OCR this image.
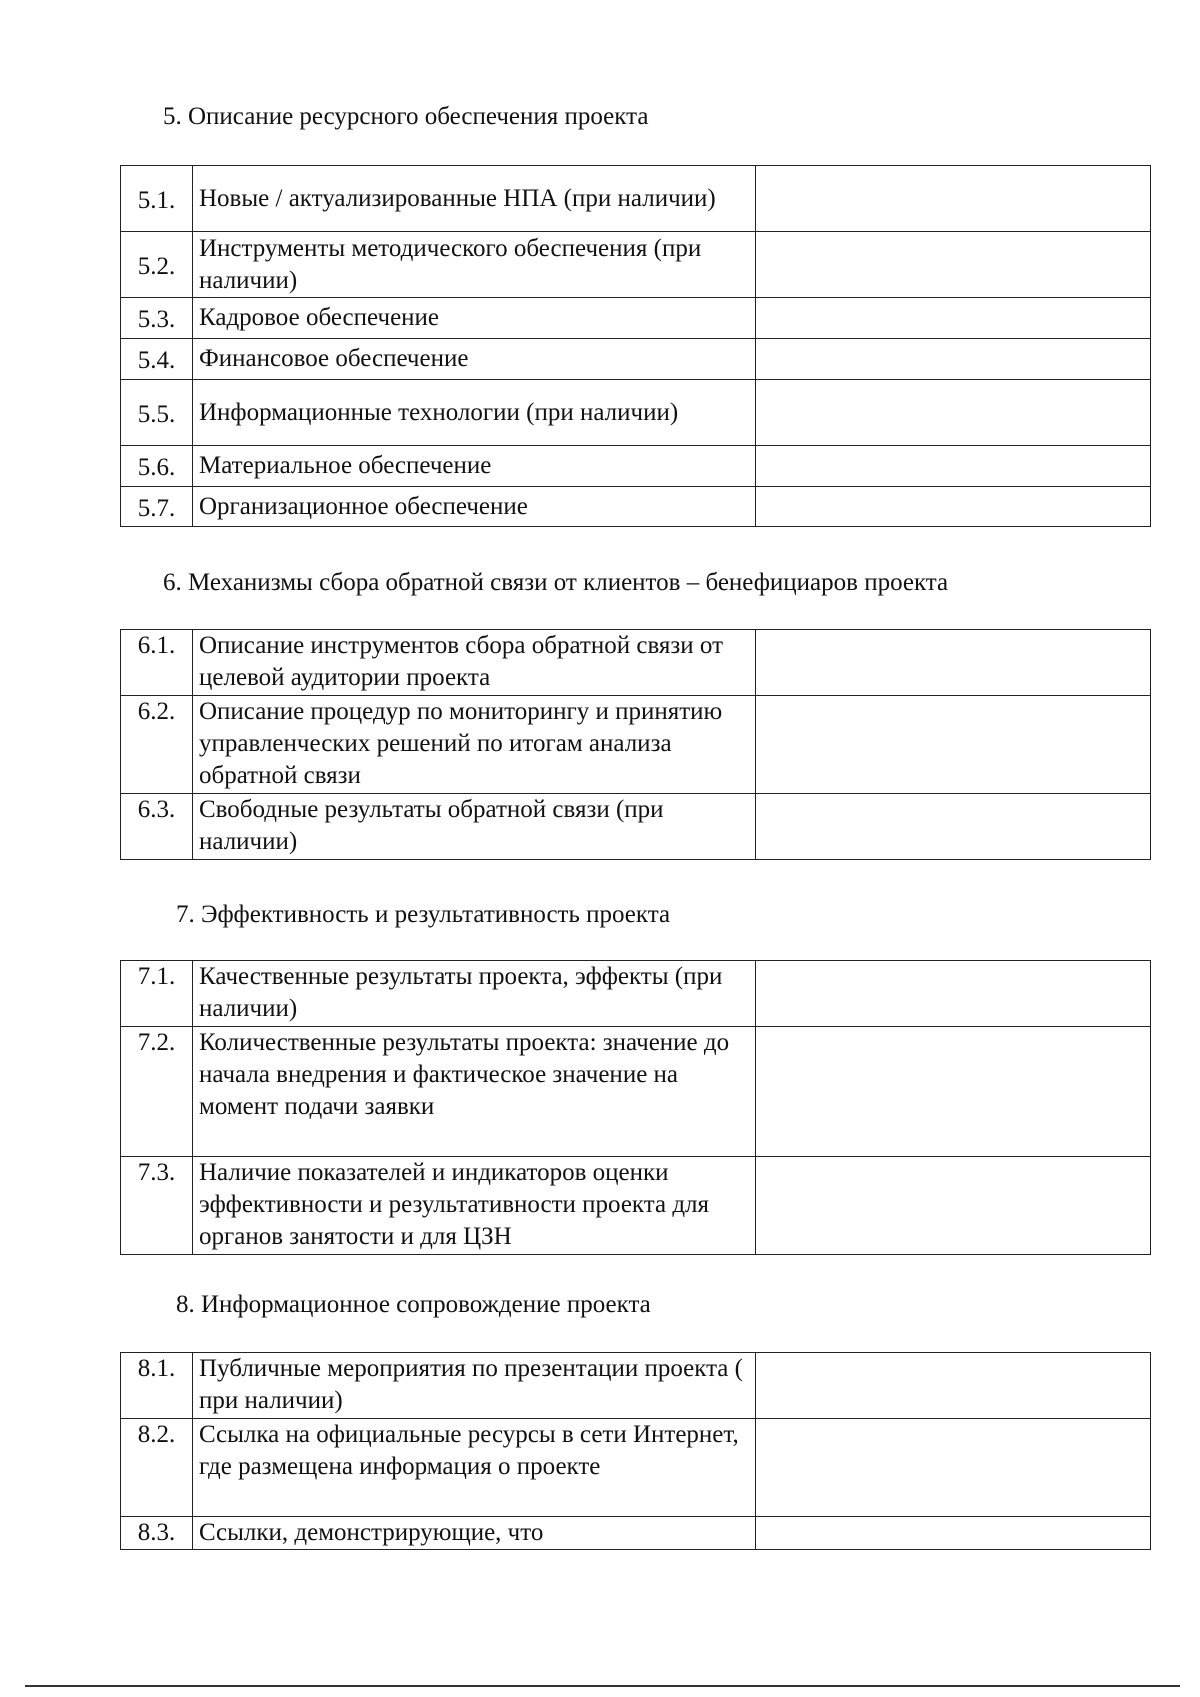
5. Описание ресурсного обеспечения проекта
5.1.	Новые / актуализированные НПА (при наличии)	
5.2.	Инструменты методического обеспечения (при наличии)	
5.3.	Кадровое обеспечение	
5.4.	Финансовое обеспечение	
5.5.	Информационные технологии (при наличии)	
5.6.	Материальное обеспечение	
5.7.	Организационное обеспечение	
6. Механизмы сбора обратной связи от клиентов – бенефициаров проекта
6.1.	Описание инструментов сбора обратной связи от целевой аудитории проекта	
6.2.	Описание процедур по мониторингу и принятию управленческих решений по итогам анализа обратной связи	
6.3.	Свободные результаты обратной связи (при наличии)	
7. Эффективность и результативность проекта
7.1.	Качественные результаты проекта, эффекты (при наличии)	
7.2.	Количественные результаты проекта: значение до начала внедрения и фактическое значение на момент подачи заявки	
7.3.	Наличие показателей и индикаторов оценки эффективности и результативности проекта для органов занятости и для ЦЗН	
8. Информационное сопровождение проекта
8.1.	Публичные мероприятия по презентации проекта ( при наличии)	
8.2.	Ссылка на официальные ресурсы в сети Интернет, где размещена информация о проекте	
8.3.	Ссылки, демонстрирующие, что	
